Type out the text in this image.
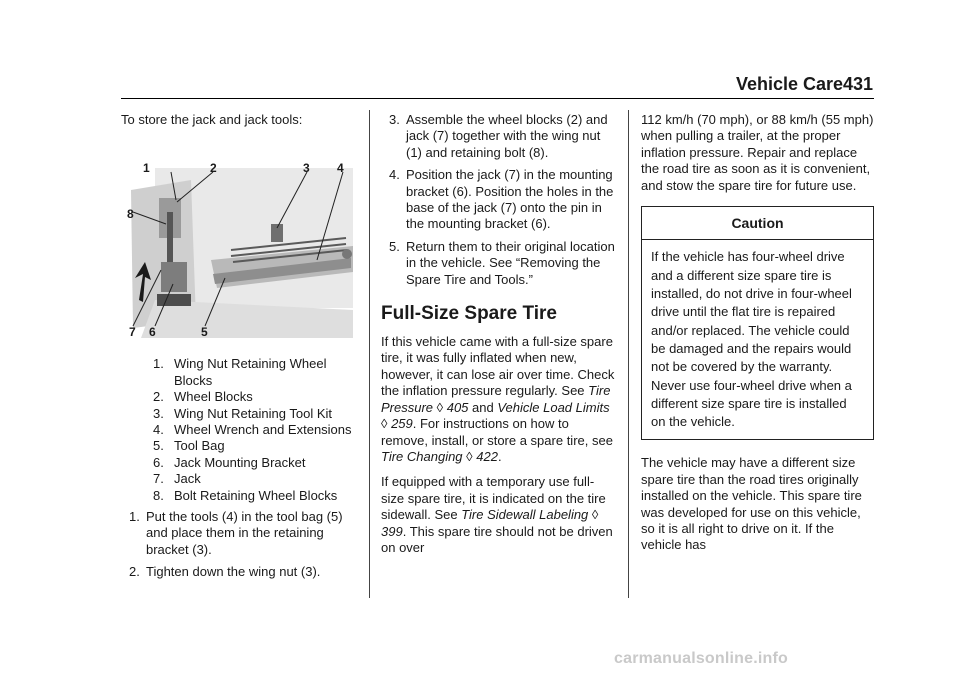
Vehicle Care 431

To store the jack and jack tools:

1	2	3 4
8
7 6	5
1. Wing Nut Retaining Wheel Blocks
2. Wheel Blocks
3. Wing Nut Retaining Tool Kit
4. Wheel Wrench and Extensions
5. Tool Bag
6. Jack Mounting Bracket
7. Jack
8. Bolt Retaining Wheel Blocks
1. Put the tools (4) in the tool bag (5) and place them in the retaining bracket (3).
2. Tighten down the wing nut (3).
3. Assemble the wheel blocks (2) and jack (7) together with the wing nut (1) and retaining bolt (8).
4. Position the jack (7) in the mounting bracket (6). Position the holes in the base of the jack (7) onto the pin in the mounting bracket (6).
5. Return them to their original location in the vehicle. See “Removing the Spare Tire and Tools.”
Full-Size Spare Tire

If this vehicle came with a full-size spare tire, it was fully inflated when new, however, it can lose air over time. Check the inflation pressure regularly. See Tire Pressure ◊ 405 and Vehicle Load Limits ◊ 259. For instructions on how to remove, install, or store a spare tire, see Tire Changing ◊ 422.

If equipped with a temporary use full-size spare tire, it is indicated on the tire sidewall. See Tire Sidewall Labeling ◊ 399. This spare tire should not be driven on over

112 km/h (70 mph), or 88 km/h (55 mph) when pulling a trailer, at the proper inflation pressure. Repair and replace the road tire as soon as it is convenient, and stow the spare tire for future use.

Caution
If the vehicle has four-wheel drive and a different size spare tire is installed, do not drive in four-wheel drive until the flat tire is repaired and/or replaced. The vehicle could be damaged and the repairs would not be covered by the warranty. Never use four-wheel drive when a different size spare tire is installed on the vehicle.

The vehicle may have a different size spare tire than the road tires originally installed on the vehicle. This spare tire was developed for use on this vehicle, so it is all right to drive on it. If the vehicle has

carmanualsonline.info
